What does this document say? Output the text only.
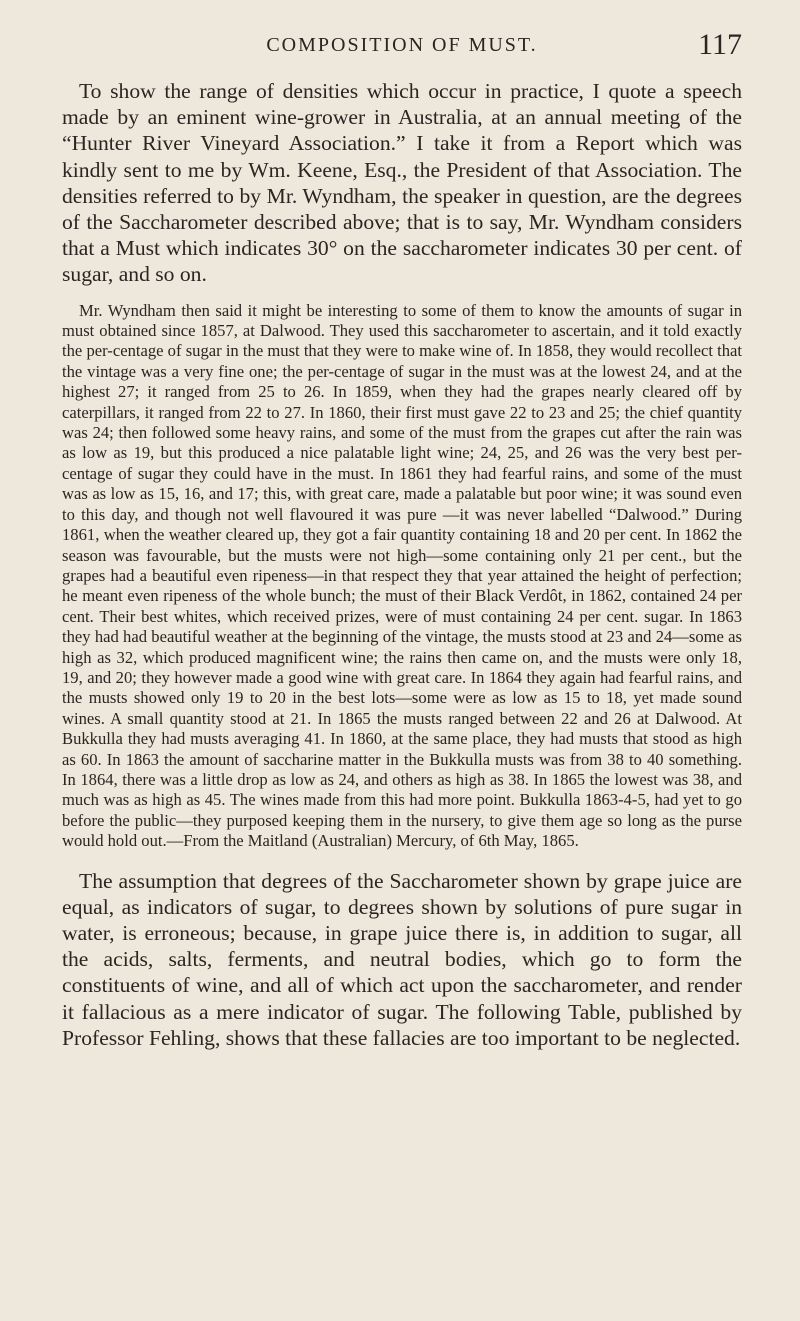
COMPOSITION OF MUST.	117

To show the range of densities which occur in practice, I quote a speech made by an eminent wine-grower in Australia, at an annual meeting of the “Hunter River Vineyard Association.” I take it from a Report which was kindly sent to me by Wm. Keene, Esq., the President of that Association. The densities referred to by Mr. Wyndham, the speaker in question, are the degrees of the Saccharometer described above; that is to say, Mr. Wyndham considers that a Must which indicates 30° on the saccharometer indicates 30 per cent. of sugar, and so on.

Mr. Wyndham then said it might be interesting to some of them to know the amounts of sugar in must obtained since 1857, at Dalwood. They used this saccharometer to ascertain, and it told exactly the per-centage of sugar in the must that they were to make wine of. In 1858, they would recollect that the vintage was a very fine one; the per-centage of sugar in the must was at the lowest 24, and at the highest 27; it ranged from 25 to 26. In 1859, when they had the grapes nearly cleared off by caterpillars, it ranged from 22 to 27. In 1860, their first must gave 22 to 23 and 25; the chief quantity was 24; then followed some heavy rains, and some of the must from the grapes cut after the rain was as low as 19, but this produced a nice palatable light wine; 24, 25, and 26 was the very best per-centage of sugar they could have in the must. In 1861 they had fearful rains, and some of the must was as low as 15, 16, and 17; this, with great care, made a palatable but poor wine; it was sound even to this day, and though not well flavoured it was pure —it was never labelled “Dalwood.” During 1861, when the weather cleared up, they got a fair quantity containing 18 and 20 per cent. In 1862 the season was favourable, but the musts were not high—some containing only 21 per cent., but the grapes had a beautiful even ripeness—in that respect they that year attained the height of perfection; he meant even ripeness of the whole bunch; the must of their Black Verdôt, in 1862, contained 24 per cent. Their best whites, which received prizes, were of must containing 24 per cent. sugar. In 1863 they had had beautiful weather at the beginning of the vintage, the musts stood at 23 and 24—some as high as 32, which produced magnificent wine; the rains then came on, and the musts were only 18, 19, and 20; they however made a good wine with great care. In 1864 they again had fearful rains, and the musts showed only 19 to 20 in the best lots—some were as low as 15 to 18, yet made sound wines. A small quantity stood at 21. In 1865 the musts ranged between 22 and 26 at Dalwood. At Bukkulla they had musts averaging 41. In 1860, at the same place, they had musts that stood as high as 60. In 1863 the amount of saccharine matter in the Bukkulla musts was from 38 to 40 something. In 1864, there was a little drop as low as 24, and others as high as 38. In 1865 the lowest was 38, and much was as high as 45. The wines made from this had more point. Bukkulla 1863-4-5, had yet to go before the public—they purposed keeping them in the nursery, to give them age so long as the purse would hold out.—From the Maitland (Australian) Mercury, of 6th May, 1865.

The assumption that degrees of the Saccharometer shown by grape juice are equal, as indicators of sugar, to degrees shown by solutions of pure sugar in water, is erroneous; because, in grape juice there is, in addition to sugar, all the acids, salts, ferments, and neutral bodies, which go to form the constituents of wine, and all of which act upon the saccharometer, and render it fallacious as a mere indicator of sugar. The following Table, published by Professor Fehling, shows that these fallacies are too important to be neglected.
